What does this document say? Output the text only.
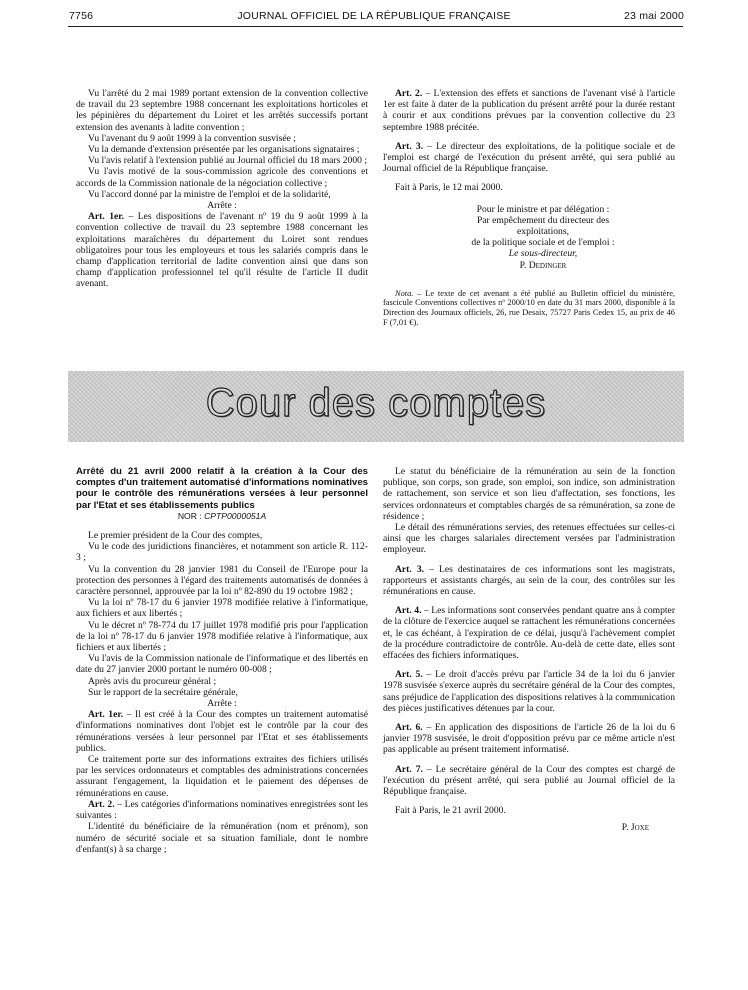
7756	JOURNAL OFFICIEL DE LA RÉPUBLIQUE FRANÇAISE	23 mai 2000

Vu l'arrêté du 2 mai 1989 portant extension de la convention collective de travail du 23 septembre 1988 concernant les exploitations horticoles et les pépinières du département du Loiret et les arrêtés successifs portant extension des avenants à ladite convention ;

Vu l'avenant du 9 août 1999 à la convention susvisée ;

Vu la demande d'extension présentée par les organisations signataires ;

Vu l'avis relatif à l'extension publié au Journal officiel du 18 mars 2000 ;

Vu l'avis motivé de la sous-commission agricole des conventions et accords de la Commission nationale de la négociation collective ;

Vu l'accord donné par la ministre de l'emploi et de la solidarité,

Arrête :

Art. 1er. – Les dispositions de l'avenant nº 19 du 9 août 1999 à la convention collective de travail du 23 septembre 1988 concernant les exploitations maraîchères du département du Loiret sont rendues obligatoires pour tous les employeurs et tous les salariés compris dans le champ d'application territorial de ladite convention ainsi que dans son champ d'application professionnel tel qu'il résulte de l'article II dudit avenant.

Art. 2. – L'extension des effets et sanctions de l'avenant visé à l'article 1er est faite à dater de la publication du présent arrêté pour la durée restant à courir et aux conditions prévues par la convention collective du 23 septembre 1988 précitée.

Art. 3. – Le directeur des exploitations, de la politique sociale et de l'emploi est chargé de l'exécution du présent arrêté, qui sera publié au Journal officiel de la République française.

Fait à Paris, le 12 mai 2000.

Pour le ministre et par délégation :
Par empêchement du directeur des exploitations,
de la politique sociale et de l'emploi :
Le sous-directeur,
P. Dedinger

Nota. – Le texte de cet avenant a été publié au Bulletin officiel du ministère, fascicule Conventions collectives nº 2000/10 en date du 31 mars 2000, disponible à la Direction des Journaux officiels, 26, rue Desaix, 75727 Paris Cedex 15, au prix de 46 F (7,01 €).

Cour des comptes
Arrêté du 21 avril 2000 relatif à la création à la Cour des comptes d'un traitement automatisé d'informations nominatives pour le contrôle des rémunérations versées à leur personnel par l'Etat et ses établissements publics
NOR : CPTP0000051A

Le premier président de la Cour des comptes,

Vu le code des juridictions financières, et notamment son article R. 112-3 ;

Vu la convention du 28 janvier 1981 du Conseil de l'Europe pour la protection des personnes à l'égard des traitements automatisés de données à caractère personnel, approuvée par la loi nº 82-890 du 19 octobre 1982 ;

Vu la loi nº 78-17 du 6 janvier 1978 modifiée relative à l'informatique, aux fichiers et aux libertés ;

Vu le décret nº 78-774 du 17 juillet 1978 modifié pris pour l'application de la loi nº 78-17 du 6 janvier 1978 modifiée relative à l'informatique, aux fichiers et aux libertés ;

Vu l'avis de la Commission nationale de l'informatique et des libertés en date du 27 janvier 2000 portant le numéro 00-008 ;

Après avis du procureur général ;

Sur le rapport de la secrétaire générale,

Arrête :

Art. 1er. – Il est créé à la Cour des comptes un traitement automatisé d'informations nominatives dont l'objet est le contrôle par la cour des rémunérations versées à leur personnel par l'Etat et ses établissements publics.

Ce traitement porte sur des informations extraites des fichiers utilisés par les services ordonnateurs et comptables des administrations concernées assurant l'engagement, la liquidation et le paiement des dépenses de rémunérations en cause.

Art. 2. – Les catégories d'informations nominatives enregistrées sont les suivantes :

L'identité du bénéficiaire de la rémunération (nom et prénom), son numéro de sécurité sociale et sa situation familiale, dont le nombre d'enfant(s) à sa charge ;

Le statut du bénéficiaire de la rémunération au sein de la fonction publique, son corps, son grade, son emploi, son indice, son administration de rattachement, son service et son lieu d'affectation, ses fonctions, les services ordonnateurs et comptables chargés de sa rémunération, sa zone de résidence ;

Le détail des rémunérations servies, des retenues effectuées sur celles-ci ainsi que les charges salariales directement versées par l'administration employeur.

Art. 3. – Les destinataires de ces informations sont les magistrats, rapporteurs et assistants chargés, au sein de la cour, des contrôles sur les rémunérations en cause.

Art. 4. – Les informations sont conservées pendant quatre ans à compter de la clôture de l'exercice auquel se rattachent les rémunérations concernées et, le cas échéant, à l'expiration de ce délai, jusqu'à l'achèvement complet de la procédure contradictoire de contrôle. Au-delà de cette date, elles sont effacées des fichiers informatiques.

Art. 5. – Le droit d'accès prévu par l'article 34 de la loi du 6 janvier 1978 susvisée s'exerce auprès du secrétaire général de la Cour des comptes, sans préjudice de l'application des dispositions relatives à la communication des pièces justificatives détenues par la cour.

Art. 6. – En application des dispositions de l'article 26 de la loi du 6 janvier 1978 susvisée, le droit d'opposition prévu par ce même article n'est pas applicable au présent traitement informatisé.

Art. 7. – Le secrétaire général de la Cour des comptes est chargé de l'exécution du présent arrêté, qui sera publié au Journal officiel de la République française.

Fait à Paris, le 21 avril 2000.

P. Joxe
